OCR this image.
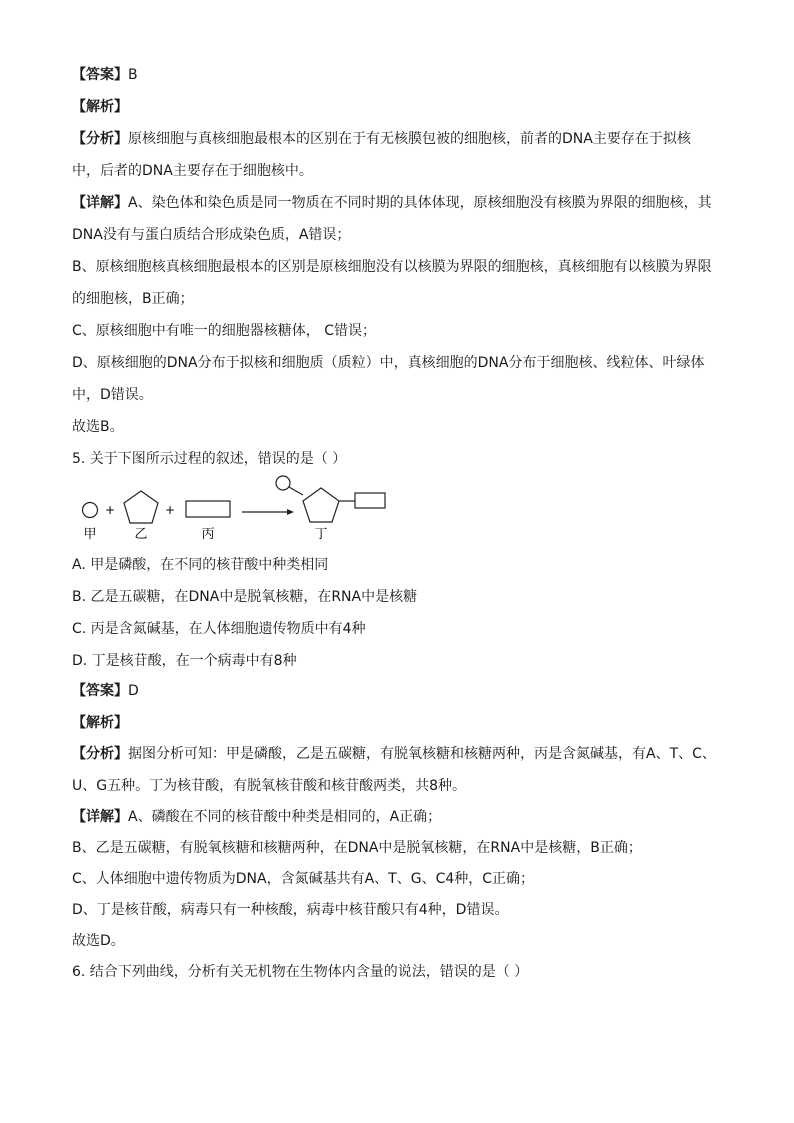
【答案】B
【解析】
【分析】原核细胞与真核细胞最根本的区别在于有无核膜包被的细胞核，前者的DNA主要存在于拟核
中，后者的DNA主要存在于细胞核中。
【详解】A、染色体和染色质是同一物质在不同时期的具体体现，原核细胞没有核膜为界限的细胞核，其
DNA没有与蛋白质结合形成染色质，A错误；
B、原核细胞核真核细胞最根本的区别是原核细胞没有以核膜为界限的细胞核，真核细胞有以核膜为界限
的细胞核，B正确；
C、原核细胞中有唯一的细胞器核糖体， C错误；
D、原核细胞的DNA分布于拟核和细胞质（质粒）中，真核细胞的DNA分布于细胞核、线粒体、叶绿体
中，D错误。
故选B。
5. 关于下图所示过程的叙述，错误的是（ ）
甲
+
乙
+
丙	丁
A. 甲是磷酸，在不同的核苷酸中种类相同
B. 乙是五碳糖，在DNA中是脱氧核糖，在RNA中是核糖
C. 丙是含氮碱基，在人体细胞遗传物质中有4种
D. 丁是核苷酸，在一个病毒中有8种
【答案】D
【解析】
【分析】据图分析可知：甲是磷酸，乙是五碳糖，有脱氧核糖和核糖两种，丙是含氮碱基，有A、T、C、
U、G五种。丁为核苷酸，有脱氧核苷酸和核苷酸两类，共8种。
【详解】A、磷酸在不同的核苷酸中种类是相同的，A正确；
B、乙是五碳糖，有脱氧核糖和核糖两种，在DNA中是脱氧核糖，在RNA中是核糖，B正确；
C、人体细胞中遗传物质为DNA，含氮碱基共有A、T、G、C4种，C正确；
D、丁是核苷酸，病毒只有一种核酸，病毒中核苷酸只有4种，D错误。
故选D。
6. 结合下列曲线，分析有关无机物在生物体内含量的说法，错误的是（ ）
